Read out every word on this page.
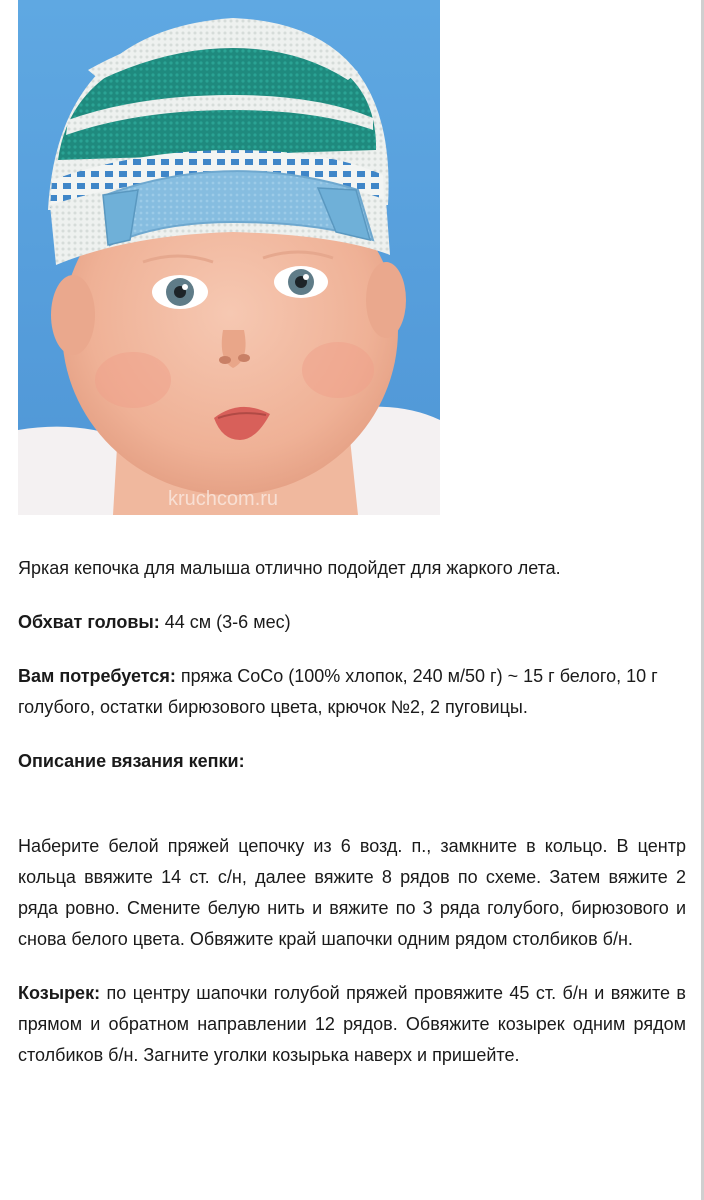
kruchcom.ru

Яркая кепочка для малыша отлично подойдет для жаркого лета.

Обхват головы: 44 см (3-6 мес)

Вам потребуется: пряжа CoCo (100% хлопок, 240 м/50 г) ~ 15 г белого, 10 г голубого, остатки бирюзового цвета, крючок №2, 2 пуговицы.

Описание вязания кепки:

Наберите белой пряжей цепочку из 6 возд. п., замкните в кольцо. В центр кольца ввяжите 14 ст. с/н, далее вяжите 8 рядов по схеме. Затем вяжите 2 ряда ровно. Смените белую нить и вяжите по 3 ряда голубого, бирюзового и снова белого цвета. Обвяжите край шапочки одним рядом столбиков б/н.

Козырек: по центру шапочки голубой пряжей провяжите 45 ст. б/н и вяжите в прямом и обратном направлении 12 рядов. Обвяжите козырек одним рядом столбиков б/н. Загните уголки козырька наверх и пришейте.
